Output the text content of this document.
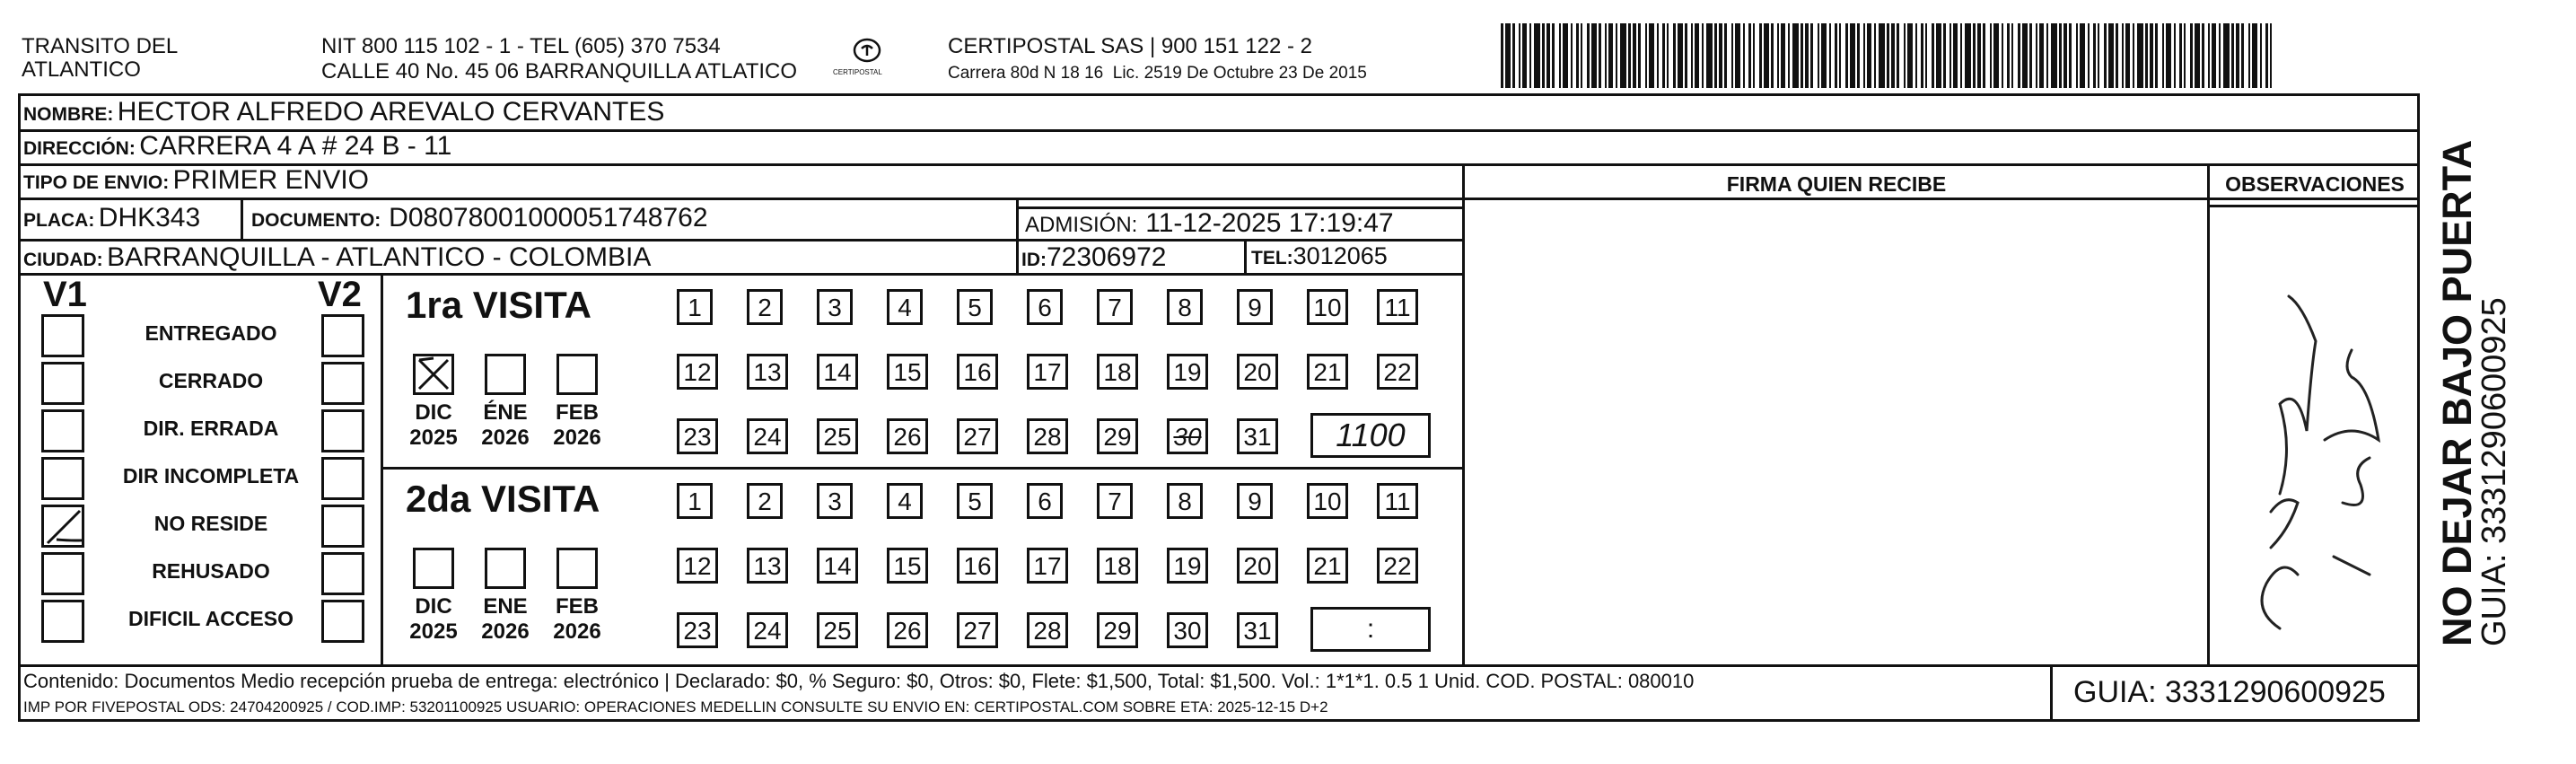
TRANSITO DEL
ATLANTICO
NIT 800 115 102 - 1 - TEL (605) 370 7534
CALLE 40 No. 45 06 BARRANQUILLA ATLATICO	CERTIPOSTAL
CERTIPOSTAL SAS | 900 151 122 - 2
Carrera 80d N 18 16  Lic. 2519 De Octubre 23 De 2015
NOMBRE: HECTOR ALFREDO AREVALO CERVANTES
DIRECCIÓN: CARRERA 4 A # 24 B - 11
TIPO DE ENVIO: PRIMER ENVIO
PLACA: DHK343	DOCUMENTO: D08078001000051748762	ADMISIÓN: 11-12-2025 17:19:47
CIUDAD: BARRANQUILLA - ATLANTICO - COLOMBIA	ID:72306972	TEL:3012065
FIRMA QUIEN RECIBE	OBSERVACIONES
V1	V2
ENTREGADO
CERRADO
DIR. ERRADA
DIR INCOMPLETA
NO RESIDE
REHUSADO
DIFICIL ACCESO
1ra VISITA
DIC
2025
ÉNE
2026
FEB
2026
1	2	3	4	5	6	7	8	9	10	11
12 13 14 15 16 17 18 19 20 21 22
23 24 25 26 27 28 29 30 31	1100
2da VISITA
DIC
2025
ENE
2026
FEB
2026
1	2	3	4	5	6	7	8	9	10	11
12 13 14 15 16 17 18 19 20 21 22
23 24 25 26 27 28 29 30 31	:
Contenido: Documentos Medio recepción prueba de entrega: electrónico | Declarado: $0, % Seguro: $0, Otros: $0, Flete: $1,500, Total: $1,500. Vol.: 1*1*1. 0.5 1 Unid. COD. POSTAL: 080010
IMP POR FIVEPOSTAL ODS: 24704200925 / COD.IMP: 53201100925 USUARIO: OPERACIONES MEDELLIN CONSULTE SU ENVIO EN: CERTIPOSTAL.COM SOBRE ETA: 2025-12-15 D+2	GUIA: 3331290600925
NO DEJAR BAJO PUERTA
GUIA: 3331290600925
